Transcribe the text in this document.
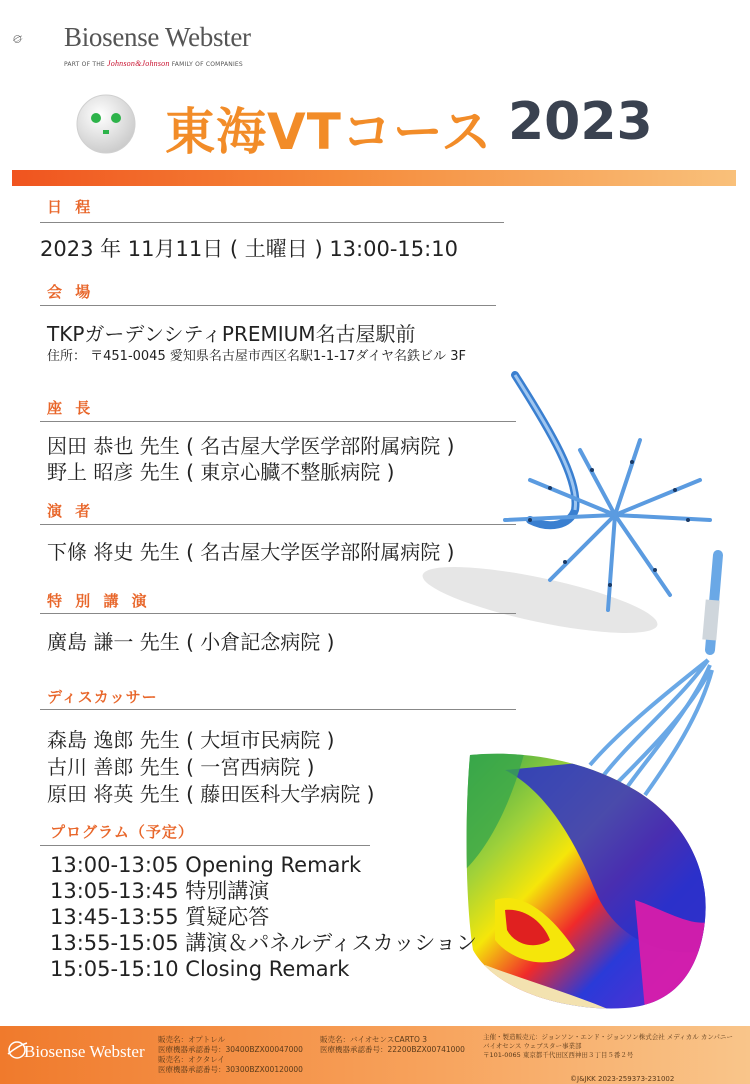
Biosense Webster
PART OF THE Johnson&Johnson FAMILY OF COMPANIES
東海VTコース 2023
日 程
2023 年 11月11日 ( 土曜日 ) 13:00-15:10
会 場
TKPガーデンシティPREMIUM名古屋駅前
住所： 〒451-0045 愛知県名古屋市西区名駅1-1-17ダイヤ名鉄ビル 3F
座 長
因田 恭也 先生 ( 名古屋大学医学部附属病院 )
野上 昭彦 先生 ( 東京心臓不整脈病院 )
演 者
下條 将史 先生 ( 名古屋大学医学部附属病院 )
特 別 講 演
廣島 謙一 先生 ( 小倉記念病院 )
ディスカッサー
森島 逸郎 先生 ( 大垣市民病院 )
古川 善郎 先生 ( 一宮西病院 )
原田 将英 先生 ( 藤田医科大学病院 )
プログラム（予定）
13:00-13:05 Opening Remark
13:05-13:45 特別講演
13:45-13:55 質疑応答
13:55-15:05 講演＆パネルディスカッション
15:05-15:10 Closing Remark
Biosense Webster
販売名：オプトレル
医療機器承認番号：30400BZX00047000
販売名：オクタレイ
医療機器承認番号：30300BZX00120000
販売名：バイオセンスCARTO 3
医療機器承認番号：22200BZX00741000
主催・製造販売元：ジョンソン・エンド・ジョンソン株式会社 メディカル カンパニー
バイオセンス ウェブスター事業部
〒101-0065 東京都千代田区西神田３丁目５番２号
©J&JKK 2023-259373-231002
